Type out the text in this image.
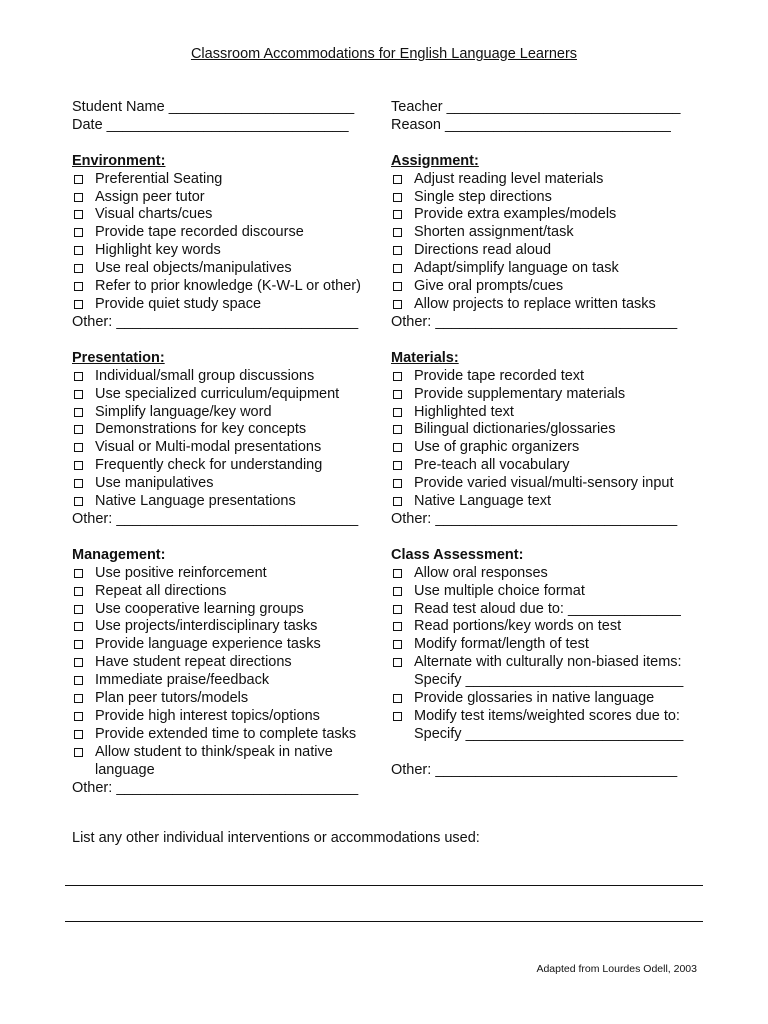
Classroom Accommodations for English Language Learners
Student Name _______________________
Date ______________________________
Environment:
Preferential Seating
Assign peer tutor
Visual charts/cues
Provide tape recorded discourse
Highlight key words
Use real objects/manipulatives
Refer to prior knowledge (K-W-L or other)
Provide quiet study space
Other: ______________________________
Presentation:
Individual/small group discussions
Use specialized curriculum/equipment
Simplify language/key word
Demonstrations for key concepts
Visual or Multi-modal presentations
Frequently check for understanding
Use manipulatives
Native Language presentations
Other: ______________________________
Management:
Use positive reinforcement
Repeat all directions
Use cooperative learning groups
Use projects/interdisciplinary tasks
Provide language experience tasks
Have student repeat directions
Immediate praise/feedback
Plan peer tutors/models
Provide high interest topics/options
Provide extended time to complete tasks
Allow student to think/speak in native language
Other: ______________________________
Teacher _____________________________
Reason ____________________________
Assignment:
Adjust reading level materials
Single step directions
Provide extra examples/models
Shorten assignment/task
Directions read aloud
Adapt/simplify language on task
Give oral prompts/cues
Allow projects to replace written tasks
Other: ______________________________
Materials:
Provide tape recorded text
Provide supplementary materials
Highlighted text
Bilingual dictionaries/glossaries
Use of graphic organizers
Pre-teach all vocabulary
Provide varied visual/multi-sensory input
Native Language text
Other: ______________________________
Class Assessment:
Allow oral responses
Use multiple choice format
Read test aloud due to: ______________
Read portions/key words on test
Modify format/length of test
Alternate with culturally non-biased items:
Specify ___________________________
Provide glossaries in native language
Modify test items/weighted scores due to:
Specify ___________________________
Other: ______________________________
List any other individual interventions or accommodations used:
Adapted from Lourdes Odell, 2003
